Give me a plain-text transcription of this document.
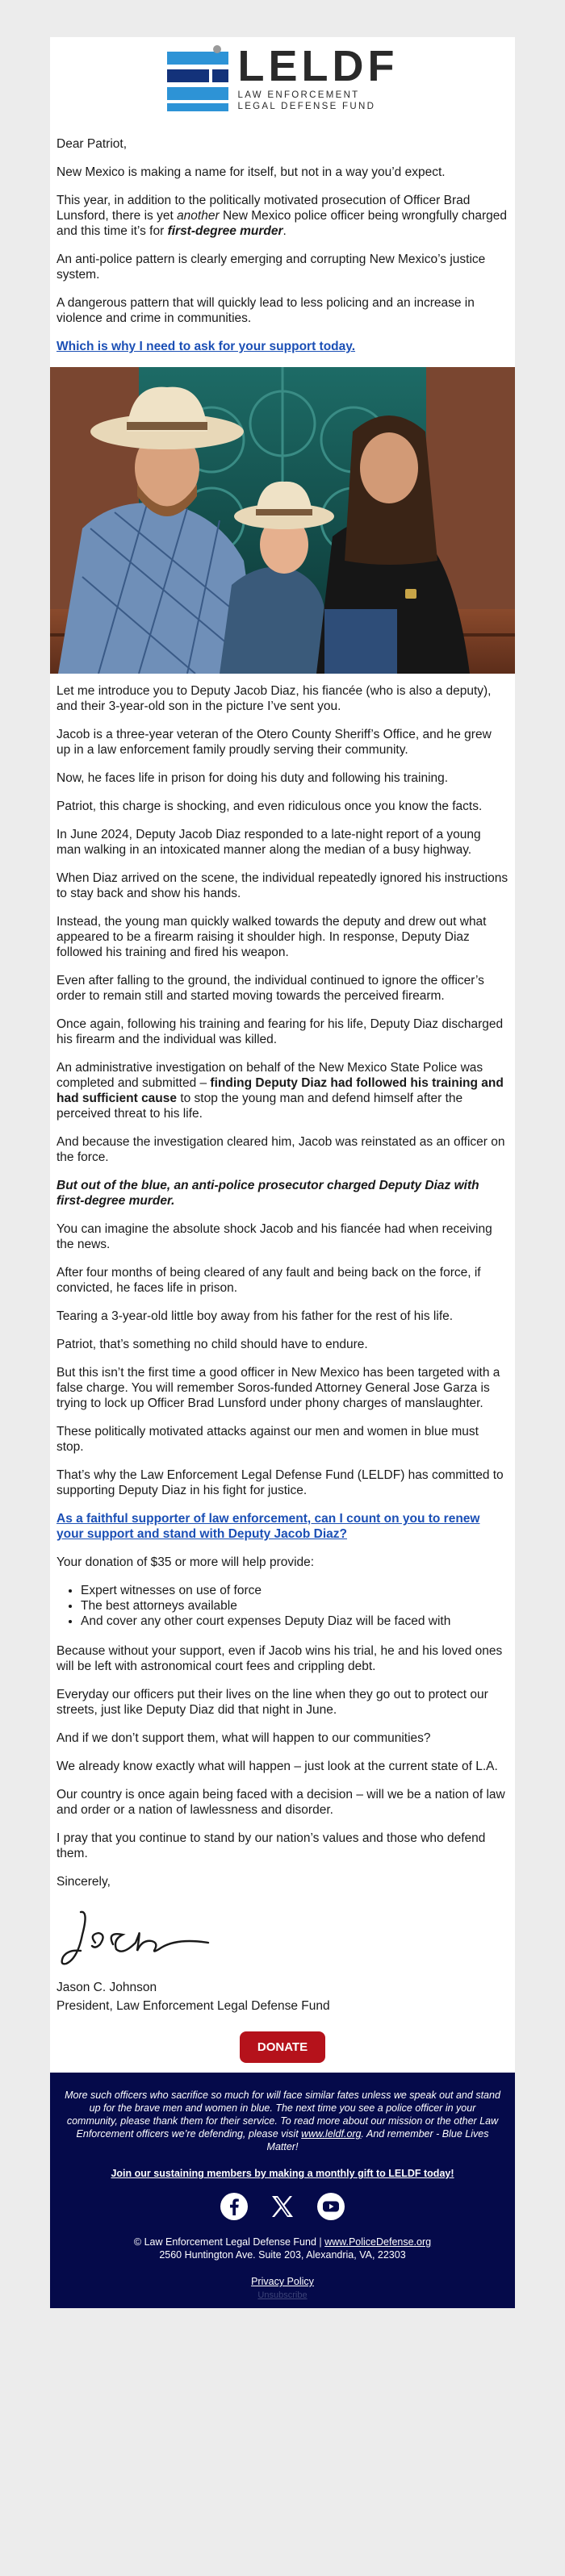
LELDF
LAW ENFORCEMENT
LEGAL DEFENSE FUND

Dear Patriot,

New Mexico is making a name for itself, but not in a way you’d expect.

This year, in addition to the politically motivated prosecution of Officer Brad Lunsford, there is yet another New Mexico police officer being wrongfully charged and this time it’s for first-degree murder.

An anti-police pattern is clearly emerging and corrupting New Mexico’s justice system.

A dangerous pattern that will quickly lead to less policing and an increase in violence and crime in communities.

Which is why I need to ask for your support today.

Let me introduce you to Deputy Jacob Diaz, his fiancée (who is also a deputy), and their 3-year-old son in the picture I’ve sent you.

Jacob is a three-year veteran of the Otero County Sheriff’s Office, and he grew up in a law enforcement family proudly serving their community.

Now, he faces life in prison for doing his duty and following his training.

Patriot, this charge is shocking, and even ridiculous once you know the facts.

In June 2024, Deputy Jacob Diaz responded to a late-night report of a young man walking in an intoxicated manner along the median of a busy highway.

When Diaz arrived on the scene, the individual repeatedly ignored his instructions to stay back and show his hands.

Instead, the young man quickly walked towards the deputy and drew out what appeared to be a firearm raising it shoulder high. In response, Deputy Diaz followed his training and fired his weapon.

Even after falling to the ground, the individual continued to ignore the officer’s order to remain still and started moving towards the perceived firearm.

Once again, following his training and fearing for his life, Deputy Diaz discharged his firearm and the individual was killed.

An administrative investigation on behalf of the New Mexico State Police was completed and submitted – finding Deputy Diaz had followed his training and had sufficient cause to stop the young man and defend himself after the perceived threat to his life.

And because the investigation cleared him, Jacob was reinstated as an officer on the force.

But out of the blue, an anti-police prosecutor charged Deputy Diaz with first-degree murder.

You can imagine the absolute shock Jacob and his fiancée had when receiving the news.

After four months of being cleared of any fault and being back on the force, if convicted, he faces life in prison.

Tearing a 3-year-old little boy away from his father for the rest of his life.

Patriot, that’s something no child should have to endure.

But this isn’t the first time a good officer in New Mexico has been targeted with a false charge. You will remember Soros-funded Attorney General Jose Garza is trying to lock up Officer Brad Lunsford under phony charges of manslaughter.

These politically motivated attacks against our men and women in blue must stop.

That’s why the Law Enforcement Legal Defense Fund (LELDF) has committed to supporting Deputy Diaz in his fight for justice.

As a faithful supporter of law enforcement, can I count on you to renew your support and stand with Deputy Jacob Diaz?

Your donation of $35 or more will help provide:

• Expert witnesses on use of force
• The best attorneys available
• And cover any other court expenses Deputy Diaz will be faced with

Because without your support, even if Jacob wins his trial, he and his loved ones will be left with astronomical court fees and crippling debt.

Everyday our officers put their lives on the line when they go out to protect our streets, just like Deputy Diaz did that night in June.

And if we don’t support them, what will happen to our communities?

We already know exactly what will happen – just look at the current state of L.A.

Our country is once again being faced with a decision – will we be a nation of law and order or a nation of lawlessness and disorder.

I pray that you continue to stand by our nation’s values and those who defend them.

Sincerely,

Jason C. Johnson

President, Law Enforcement Legal Defense Fund

DONATE

More such officers who sacrifice so much for will face similar fates unless we speak out and stand up for the brave men and women in blue. The next time you see a police officer in your community, please thank them for their service. To read more about our mission or the other Law Enforcement officers we’re defending, please visit www.leldf.org. And remember - Blue Lives Matter!

Join our sustaining members by making a monthly gift to LELDF today!

© Law Enforcement Legal Defense Fund | www.PoliceDefense.org
2560 Huntington Ave. Suite 203, Alexandria, VA, 22303

Privacy Policy
Unsubscribe
